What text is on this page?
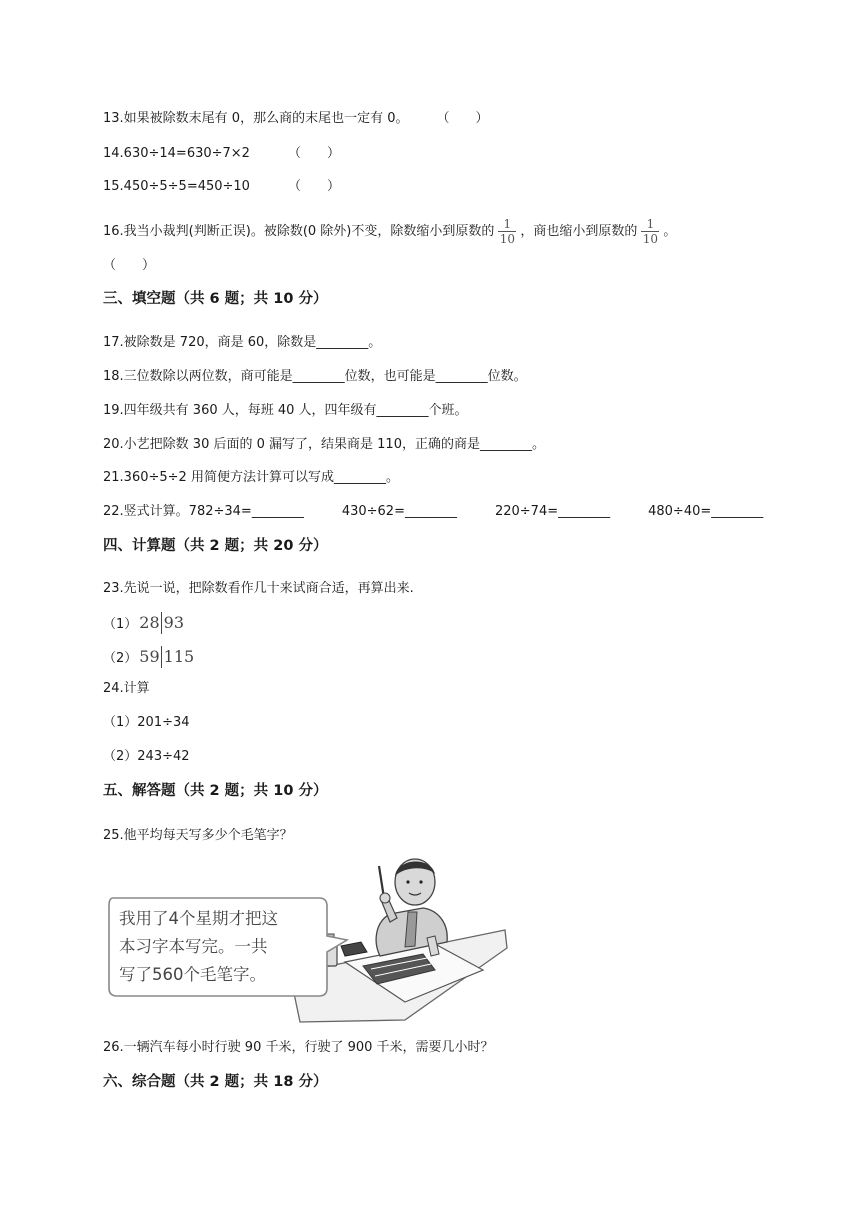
13.如果被除数末尾有 0，那么商的末尾也一定有 0。 （　　）
14.630÷14=630÷7×2	（　　）
15.450÷5÷5=450÷10	（　　）
16.我当小裁判(判断正误)。被除数(0 除外)不变，除数缩小到原数的 $\frac{1}{10}$ ，商也缩小到原数的 $\frac{1}{10}$ 。
（　　）
三、填空题（共 6 题；共 10 分）
17.被除数是 720，商是 60，除数是________。
18.三位数除以两位数，商可能是________位数，也可能是________位数。
19.四年级共有 360 人，每班 40 人，四年级有________个班。
20.小艺把除数 30 后面的 0 漏写了，结果商是 110，正确的商是________。
21.360÷5÷2 用简便方法计算可以写成________。
22.竖式计算。782÷34=________	430÷62=________	220÷74=________	480÷40=________
四、计算题（共 2 题；共 20 分）
23.先说一说，把除数看作几十来试商合适，再算出来.
（1） 28 93
（2） 59 115
24.计算
（1）201÷34
（2）243÷42
五、解答题（共 2 题；共 10 分）
25.他平均每天写多少个毛笔字？
我用了4个星期才把这
本习字本写完。一共
写了560个毛笔字。
26.一辆汽车每小时行驶 90 千米，行驶了 900 千米，需要几小时？
六、综合题（共 2 题；共 18 分）
